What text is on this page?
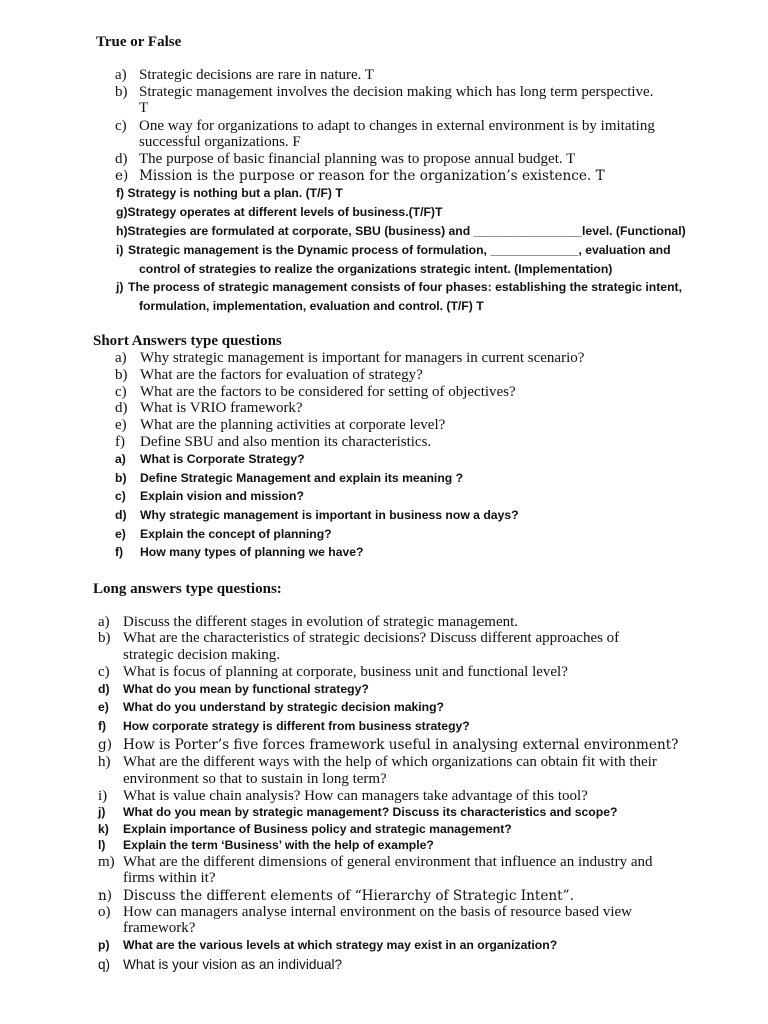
True or False
a) Strategic decisions are rare in nature. T
b) Strategic management involves the decision making which has long term perspective.
T
c) One way for organizations to adapt to changes in external environment is by imitating
successful organizations. F
d) The purpose of basic financial planning was to propose annual budget. T
e) Mission is the purpose or reason for the organization’s existence. T
f) Strategy is nothing but a plan. (T/F) T
g)Strategy operates at different levels of business.(T/F)T
h)Strategies are formulated at corporate, SBU (business) and ________________level. (Functional)
i) Strategic management is the Dynamic process of formulation, _____________, evaluation and
control of strategies to realize the organizations strategic intent. (Implementation)
j) The process of strategic management consists of four phases: establishing the strategic intent,
formulation, implementation, evaluation and control. (T/F) T
Short Answers type questions
a) Why strategic management is important for managers in current scenario?
b) What are the factors for evaluation of strategy?
c) What are the factors to be considered for setting of objectives?
d) What is VRIO framework?
e) What are the planning activities at corporate level?
f) Define SBU and also mention its characteristics.
a) What is Corporate Strategy?
b) Define Strategic Management and explain its meaning ?
c) Explain vision and mission?
d) Why strategic management is important in business now a days?
e) Explain the concept of planning?
f) How many types of planning we have?
Long answers type questions:
a) Discuss the different stages in evolution of strategic management.
b) What are the characteristics of strategic decisions? Discuss different approaches of
strategic decision making.
c) What is focus of planning at corporate, business unit and functional level?
d) What do you mean by functional strategy?
e) What do you understand by strategic decision making?
f) How corporate strategy is different from business strategy?
g) How is Porter’s five forces framework useful in analysing external environment?
h) What are the different ways with the help of which organizations can obtain fit with their
environment so that to sustain in long term?
i) What is value chain analysis? How can managers take advantage of this tool?
j) What do you mean by strategic management? Discuss its characteristics and scope?
k) Explain importance of Business policy and strategic management?
l) Explain the term ‘Business’ with the help of example?
m) What are the different dimensions of general environment that influence an industry and
firms within it?
n) Discuss the different elements of “Hierarchy of Strategic Intent”.
o) How can managers analyse internal environment on the basis of resource based view
framework?
p) What are the various levels at which strategy may exist in an organization?
q) What is your vision as an individual?
